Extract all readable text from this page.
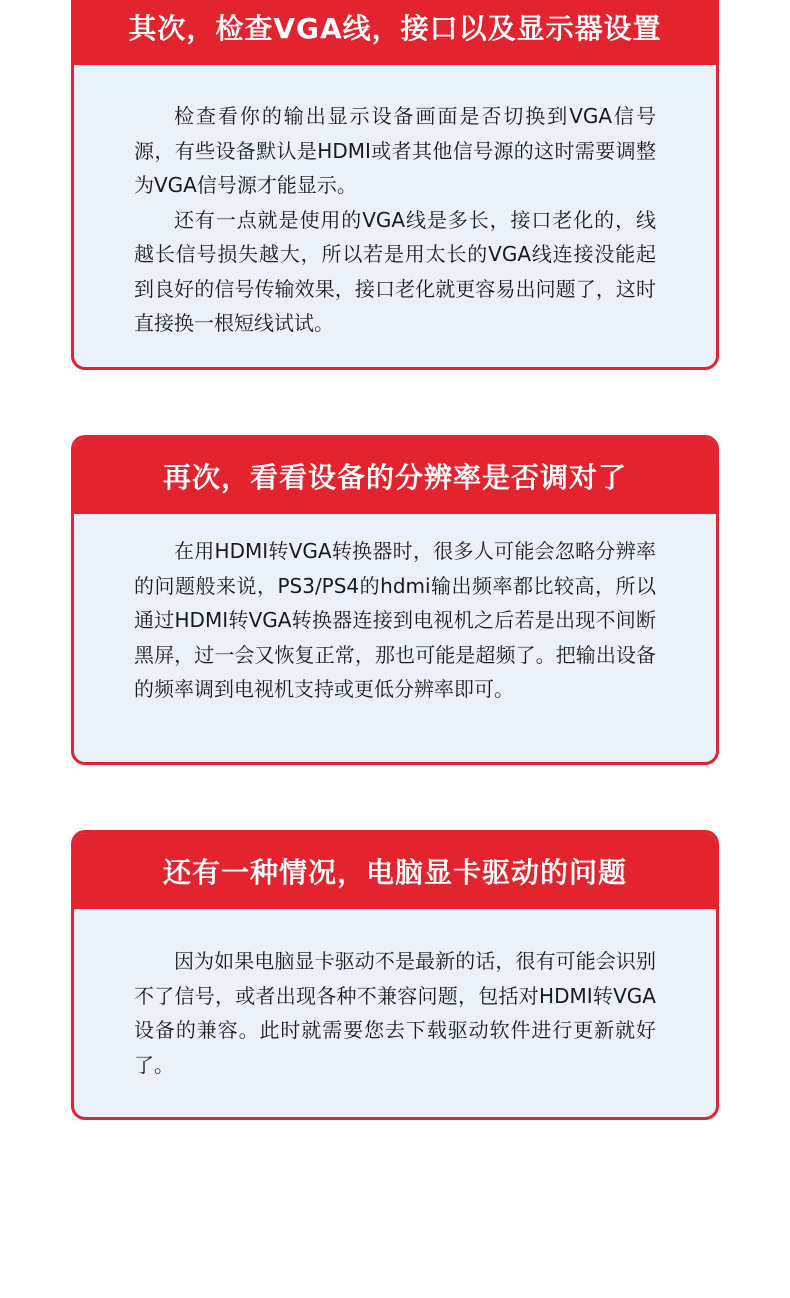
其次，检查VGA线，接口以及显示器设置

检查看你的输出显示设备画面是否切换到VGA信号源，有些设备默认是HDMI或者其他信号源的这时需要调整为VGA信号源才能显示。

还有一点就是使用的VGA线是多长，接口老化的，线越长信号损失越大，所以若是用太长的VGA线连接没能起到良好的信号传输效果，接口老化就更容易出问题了，这时直接换一根短线试试。

再次，看看设备的分辨率是否调对了

在用HDMI转VGA转换器时，很多人可能会忽略分辨率的问题般来说，PS3/PS4的hdmi输出频率都比较高，所以通过HDMI转VGA转换器连接到电视机之后若是出现不间断黑屏，过一会又恢复正常，那也可能是超频了。把输出设备的频率调到电视机支持或更低分辨率即可。

还有一种情况，电脑显卡驱动的问题

因为如果电脑显卡驱动不是最新的话，很有可能会识别不了信号，或者出现各种不兼容问题，包括对HDMI转VGA设备的兼容。此时就需要您去下载驱动软件进行更新就好了。
